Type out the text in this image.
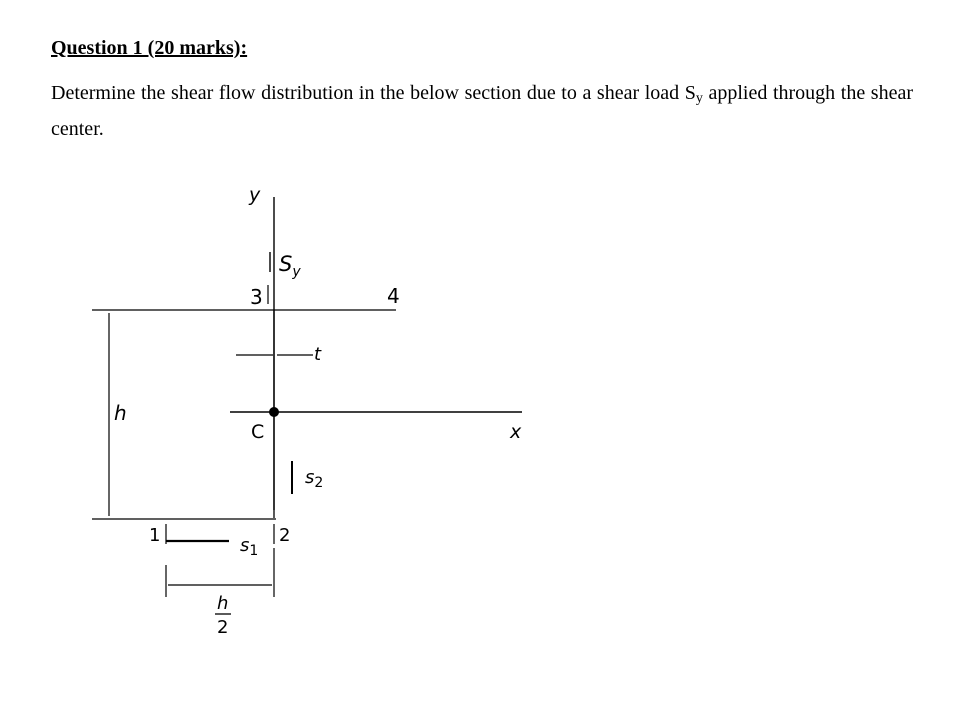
Question 1 (20 marks):
Determine the shear flow distribution in the below section due to a shear load $S_y$ applied through the shear center.
y
x
$S_y$
3	4
t
C
$s_2$
1	2
$s_1$
h
h
2
